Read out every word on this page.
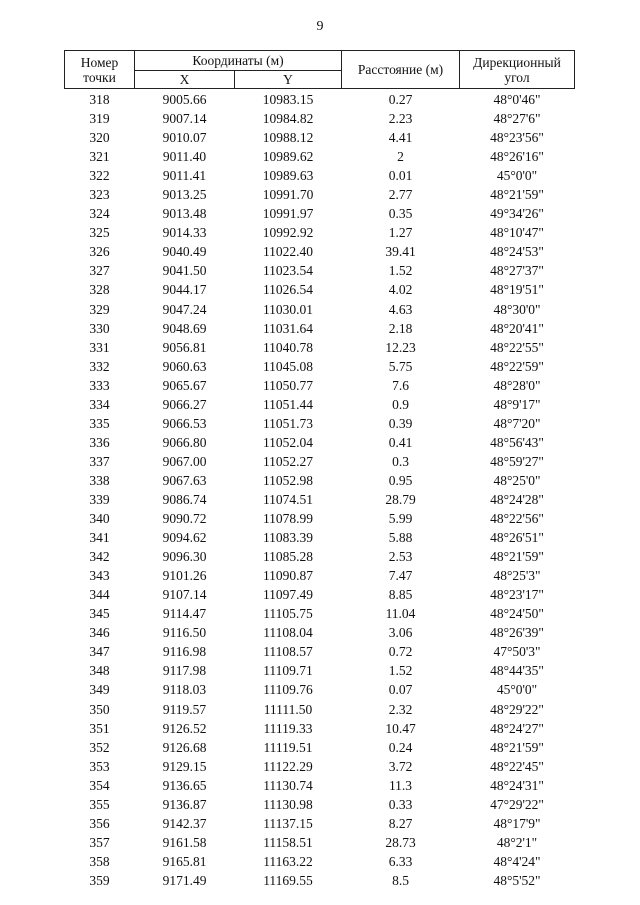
9
Номер
точки
Координаты (м)
X	Y
Расстояние (м)	Дирекционный
угол
318	9005.66	10983.15	0.27	48°0'46"
319	9007.14	10984.82	2.23	48°27'6"
320	9010.07	10988.12	4.41	48°23'56"
321	9011.40	10989.62	2	48°26'16"
322	9011.41	10989.63	0.01	45°0'0"
323	9013.25	10991.70	2.77	48°21'59"
324	9013.48	10991.97	0.35	49°34'26"
325	9014.33	10992.92	1.27	48°10'47"
326	9040.49	11022.40	39.41	48°24'53"
327	9041.50	11023.54	1.52	48°27'37"
328	9044.17	11026.54	4.02	48°19'51"
329	9047.24	11030.01	4.63	48°30'0"
330	9048.69	11031.64	2.18	48°20'41"
331	9056.81	11040.78	12.23	48°22'55"
332	9060.63	11045.08	5.75	48°22'59"
333	9065.67	11050.77	7.6	48°28'0"
334	9066.27	11051.44	0.9	48°9'17"
335	9066.53	11051.73	0.39	48°7'20"
336	9066.80	11052.04	0.41	48°56'43"
337	9067.00	11052.27	0.3	48°59'27"
338	9067.63	11052.98	0.95	48°25'0"
339	9086.74	11074.51	28.79	48°24'28"
340	9090.72	11078.99	5.99	48°22'56"
341	9094.62	11083.39	5.88	48°26'51"
342	9096.30	11085.28	2.53	48°21'59"
343	9101.26	11090.87	7.47	48°25'3"
344	9107.14	11097.49	8.85	48°23'17"
345	9114.47	11105.75	11.04	48°24'50"
346	9116.50	11108.04	3.06	48°26'39"
347	9116.98	11108.57	0.72	47°50'3"
348	9117.98	11109.71	1.52	48°44'35"
349	9118.03	11109.76	0.07	45°0'0"
350	9119.57	11111.50	2.32	48°29'22"
351	9126.52	11119.33	10.47	48°24'27"
352	9126.68	11119.51	0.24	48°21'59"
353	9129.15	11122.29	3.72	48°22'45"
354	9136.65	11130.74	11.3	48°24'31"
355	9136.87	11130.98	0.33	47°29'22"
356	9142.37	11137.15	8.27	48°17'9"
357	9161.58	11158.51	28.73	48°2'1"
358	9165.81	11163.22	6.33	48°4'24"
359	9171.49	11169.55	8.5	48°5'52"
